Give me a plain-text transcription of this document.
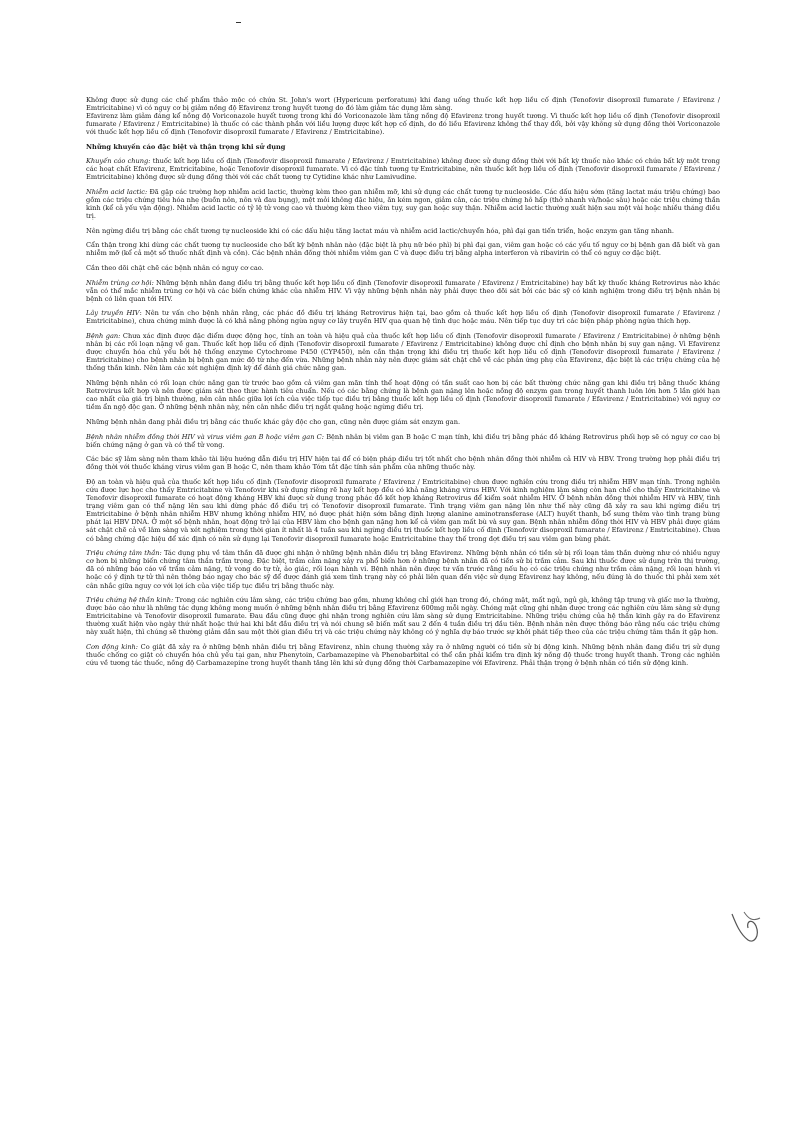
Không được sử dụng các chế phẩm thảo mộc có chứa St. John's wort (Hypericum perforatum) khi đang uống thuốc kết hợp liều cố định (Tenofovir disoproxil fumarate / Efavirenz / Emtricitabine) vì có nguy cơ bị giảm nồng độ Efavirenz trong huyết tương do đó làm giảm tác dụng lâm sàng.

Efavirenz làm giảm đáng kể nồng độ Voriconazole huyết tương trong khi đó Voriconazole làm tăng nồng độ Efavirenz trong huyết tương. Vì thuốc kết hợp liều cố định (Tenofovir disoproxil fumarate / Efavirenz / Emtricitabine) là thuốc có các thành phần với liều lượng được kết hợp cố định, do đó liều Efavirenz không thể thay đổi, bởi vậy không sử dụng đồng thời Voriconazole với thuốc kết hợp liều cố định (Tenofovir disoproxil fumarate / Efavirenz / Emtricitabine).

Những khuyến cáo đặc biệt và thận trọng khi sử dụng

Khuyến cáo chung: thuốc kết hợp liều cố định (Tenofovir disoproxil fumarate / Efavirenz / Emtricitabine) không được sử dụng đồng thời với bất kỳ thuốc nào khác có chứa bất kỳ một trong các hoạt chất Efavirenz, Emtricitabine, hoặc Tenofovir disoproxil fumarate. Vì có đặc tính tương tự Emtricitabine, nên thuốc kết hợp liều cố định (Tenofovir disoproxil fumarate / Efavirenz / Emtricitabine) không được sử dụng đồng thời với các chất tương tự Cytidine khác như Lamivudine.

Nhiễm acid lactic: Đã gặp các trường hợp nhiễm acid lactic, thường kèm theo gan nhiễm mỡ, khi sử dụng các chất tương tự nucleoside. Các dấu hiệu sớm (tăng lactat máu triệu chứng) bao gồm các triệu chứng tiêu hóa nhẹ (buồn nôn, nôn và đau bụng), mệt mỏi không đặc hiệu, ăn kém ngon, giảm cân, các triệu chứng hô hấp (thở nhanh và/hoặc sâu) hoặc các triệu chứng thần kinh (kể cả yếu vận động). Nhiễm acid lactic có tỷ lệ tử vong cao và thường kèm theo viêm tụy, suy gan hoặc suy thận. Nhiễm acid lactic thường xuất hiện sau một vài hoặc nhiều tháng điều trị.

Nên ngừng điều trị bằng các chất tương tự nucleoside khi có các dấu hiệu tăng lactat máu và nhiễm acid lactic/chuyển hóa, phì đại gan tiến triển, hoặc enzym gan tăng nhanh.

Cẩn thận trong khi dùng các chất tương tự nucleoside cho bất kỳ bệnh nhân nào (đặc biệt là phụ nữ béo phì) bị phì đại gan, viêm gan hoặc có các yếu tố nguy cơ bị bệnh gan đã biết và gan nhiễm mỡ (kể cả một số thuốc nhất định và cồn). Các bệnh nhân đồng thời nhiễm viêm gan C và được điều trị bằng alpha interferon và ribavirin có thể có nguy cơ đặc biệt.

Cần theo dõi chặt chẽ các bệnh nhân có nguy cơ cao.

Nhiễm trùng cơ hội: Những bệnh nhân đang điều trị bằng thuốc kết hợp liều cố định (Tenofovir disoproxil fumarate / Efavirenz / Emtricitabine) hay bất kỳ thuốc kháng Retrovirus nào khác vẫn có thể mắc nhiễm trùng cơ hội và các biến chứng khác của nhiễm HIV. Vì vậy những bệnh nhân này phải được theo dõi sát bởi các bác sỹ có kinh nghiệm trong điều trị bệnh nhân bị bệnh có liên quan tới HIV.

Lây truyền HIV: Nên tư vấn cho bệnh nhân rằng, các phác đồ điều trị kháng Retrovirus hiện tại, bao gồm cả thuốc kết hợp liều cố định (Tenofovir disoproxil fumarate / Efavirenz / Emtricitabine), chưa chứng minh được là có khả năng phòng ngừa nguy cơ lây truyền HIV qua quan hệ tình dục hoặc máu. Nên tiếp tục duy trì các biện pháp phòng ngừa thích hợp.

Bệnh gan: Chưa xác định được đặc điểm dược động học, tính an toàn và hiệu quả của thuốc kết hợp liều cố định (Tenofovir disoproxil fumarate / Efavirenz / Emtricitabine) ở những bệnh nhân bị các rối loạn nặng về gan. Thuốc kết hợp liều cố định (Tenofovir disoproxil fumarate / Efavirenz / Emtricitabine) không được chỉ định cho bệnh nhân bị suy gan nặng. Vì Efavirenz được chuyển hóa chủ yếu bởi hệ thống enzyme Cytochrome P450 (CYP450), nên cần thận trọng khi điều trị thuốc kết hợp liều cố định (Tenofovir disoproxil fumarate / Efavirenz / Emtricitabine) cho bệnh nhân bị bệnh gan mức độ từ nhẹ đến vừa. Những bệnh nhân này nên được giám sát chặt chẽ về các phản ứng phụ của Efavirenz, đặc biệt là các triệu chứng của hệ thống thần kinh. Nên làm các xét nghiệm định kỳ để đánh giá chức năng gan.

Những bệnh nhân có rối loạn chức năng gan từ trước bao gồm cả viêm gan mãn tính thể hoạt động có tần suất cao hơn bị các bất thường chức năng gan khi điều trị bằng thuốc kháng Retrovirus kết hợp và nên được giám sát theo thực hành tiêu chuẩn. Nếu có các bằng chứng là bệnh gan nặng lên hoặc nồng độ enzym gan trong huyết thanh luôn lớn hơn 5 lần giới hạn cao nhất của giá trị bình thường, nên cân nhắc giữa lợi ích của việc tiếp tục điều trị bằng thuốc kết hợp liều cố định (Tenofovir disoproxil fumarate / Efavirenz / Emtricitabine) với nguy cơ tiềm ẩn ngộ độc gan. Ở những bệnh nhân này, nên cân nhắc điều trị ngắt quãng hoặc ngừng điều trị.

Những bệnh nhân đang phải điều trị bằng các thuốc khác gây độc cho gan, cũng nên được giám sát enzym gan.

Bệnh nhân nhiễm đồng thời HIV và virus viêm gan B hoặc viêm gan C: Bệnh nhân bị viêm gan B hoặc C mạn tính, khi điều trị bằng phác đồ kháng Retrovirus phối hợp sẽ có nguy cơ cao bị biến chứng nặng ở gan và có thể tử vong.

Các bác sỹ lâm sàng nên tham khảo tài liệu hướng dẫn điều trị HIV hiện tại để có biện pháp điều trị tốt nhất cho bệnh nhân đồng thời nhiễm cả HIV và HBV. Trong trường hợp phải điều trị đồng thời với thuốc kháng virus viêm gan B hoặc C, nên tham khảo Tóm tắt đặc tính sản phẩm của những thuốc này.

Độ an toàn và hiệu quả của thuốc kết hợp liều cố định (Tenofovir disoproxil fumarate / Efavirenz / Emtricitabine) chưa được nghiên cứu trong điều trị nhiễm HBV mạn tính. Trong nghiên cứu được lực học cho thấy Emtricitabine và Tenofovir khi sử dụng riêng rẽ hay kết hợp đều có khả năng kháng virus HBV. Với kinh nghiệm lâm sàng còn hạn chế cho thấy Emtricitabine và Tenofovir disoproxil fumarate có hoạt động kháng HBV khi được sử dụng trong phác đồ kết hợp kháng Retrovirus để kiểm soát nhiễm HIV. Ở bệnh nhân đồng thời nhiễm HIV và HBV, tình trạng viêm gan có thể nặng lên sau khi dừng phác đồ điều trị có Tenofovir disoproxil fumarate. Tình trạng viêm gan nặng lên như thế này cũng đã xảy ra sau khi ngừng điều trị Emtricitabine ở bệnh nhân nhiễm HBV nhưng không nhiễm HIV, nó được phát hiện sớm bằng định lượng alanine aminotransferase (ALT) huyết thanh, bổ sung thêm vào tình trạng bùng phát lại HBV DNA. Ở một số bệnh nhân, hoạt động trở lại của HBV làm cho bệnh gan nặng hơn kể cả viêm gan mất bù và suy gan. Bệnh nhân nhiễm đồng thời HIV và HBV phải được giám sát chặt chẽ cả về lâm sàng và xét nghiệm trong thời gian ít nhất là 4 tuần sau khi ngừng điều trị thuốc kết hợp liều cố định (Tenofovir disoproxil fumarate / Efavirenz / Emtricitabine). Chưa có bằng chứng đặc hiệu để xác định có nên sử dụng lại Tenofovir disoproxil fumarate hoặc Emtricitabine thay thế trong đợt điều trị sau viêm gan bùng phát.

Triệu chứng tâm thần: Tác dụng phụ về tâm thần đã được ghi nhận ở những bệnh nhân điều trị bằng Efavirenz. Những bệnh nhân có tiền sử bị rối loạn tâm thần dường như có nhiều nguy cơ hơn bị những biến chứng tâm thần trầm trọng. Đặc biệt, trầm cảm nặng xảy ra phổ biến hơn ở những bệnh nhân đã có tiền sử bị trầm cảm. Sau khi thuốc được sử dụng trên thị trường, đã có những báo cáo về trầm cảm nặng, tử vong do tự tử, ảo giác, rối loạn hành vi. Bệnh nhân nên được tư vấn trước rằng nếu họ có các triệu chứng như trầm cảm nặng, rối loạn hành vi hoặc có ý định tự tử thì nên thông báo ngay cho bác sỹ để được đánh giá xem tình trạng này có phải liên quan đến việc sử dụng Efavirenz hay không, nếu đúng là do thuốc thì phải xem xét cân nhắc giữa nguy cơ với lợi ích của việc tiếp tục điều trị bằng thuốc này.

Triệu chứng hệ thần kinh: Trong các nghiên cứu lâm sàng, các triệu chứng bao gồm, nhưng không chỉ giới hạn trong đó, chóng mặt, mất ngủ, ngủ gà, không tập trung và giấc mơ lạ thường, được báo cáo như là những tác dụng không mong muốn ở những bệnh nhân điều trị bằng Efavirenz 600mg mỗi ngày. Chóng mặt cũng ghi nhận được trong các nghiên cứu lâm sàng sử dụng Emtricitabine và Tenofovir disoproxil fumarate. Đau đầu cũng được ghi nhận trong nghiên cứu lâm sàng sử dụng Emtricitabine. Những triệu chứng của hệ thần kinh gây ra do Efavirenz thường xuất hiện vào ngày thứ nhất hoặc thứ hai khi bắt đầu điều trị và nói chung sẽ biến mất sau 2 đến 4 tuần điều trị đầu tiên. Bệnh nhân nên được thông báo rằng nếu các triệu chứng này xuất hiện, thì chúng sẽ thường giảm dần sau một thời gian điều trị và các triệu chứng này không có ý nghĩa dự báo trước sự khởi phát tiếp theo của các triệu chứng tâm thần ít gặp hơn.

Cơn động kinh: Co giật đã xảy ra ở những bệnh nhân điều trị bằng Efavirenz, nhìn chung thường xảy ra ở những người có tiền sử bị động kinh. Những bệnh nhân đang điều trị sử dụng thuốc chống co giật có chuyển hóa chủ yếu tại gan, như Phenytoin, Carbamazepine và Phenobarbital có thể cần phải kiểm tra định kỳ nồng độ thuốc trong huyết thanh. Trong các nghiên cứu về tương tác thuốc, nồng độ Carbamazepine trong huyết thanh tăng lên khi sử dụng đồng thời Carbamazepine với Efavirenz. Phải thận trọng ở bệnh nhân có tiền sử động kinh.
